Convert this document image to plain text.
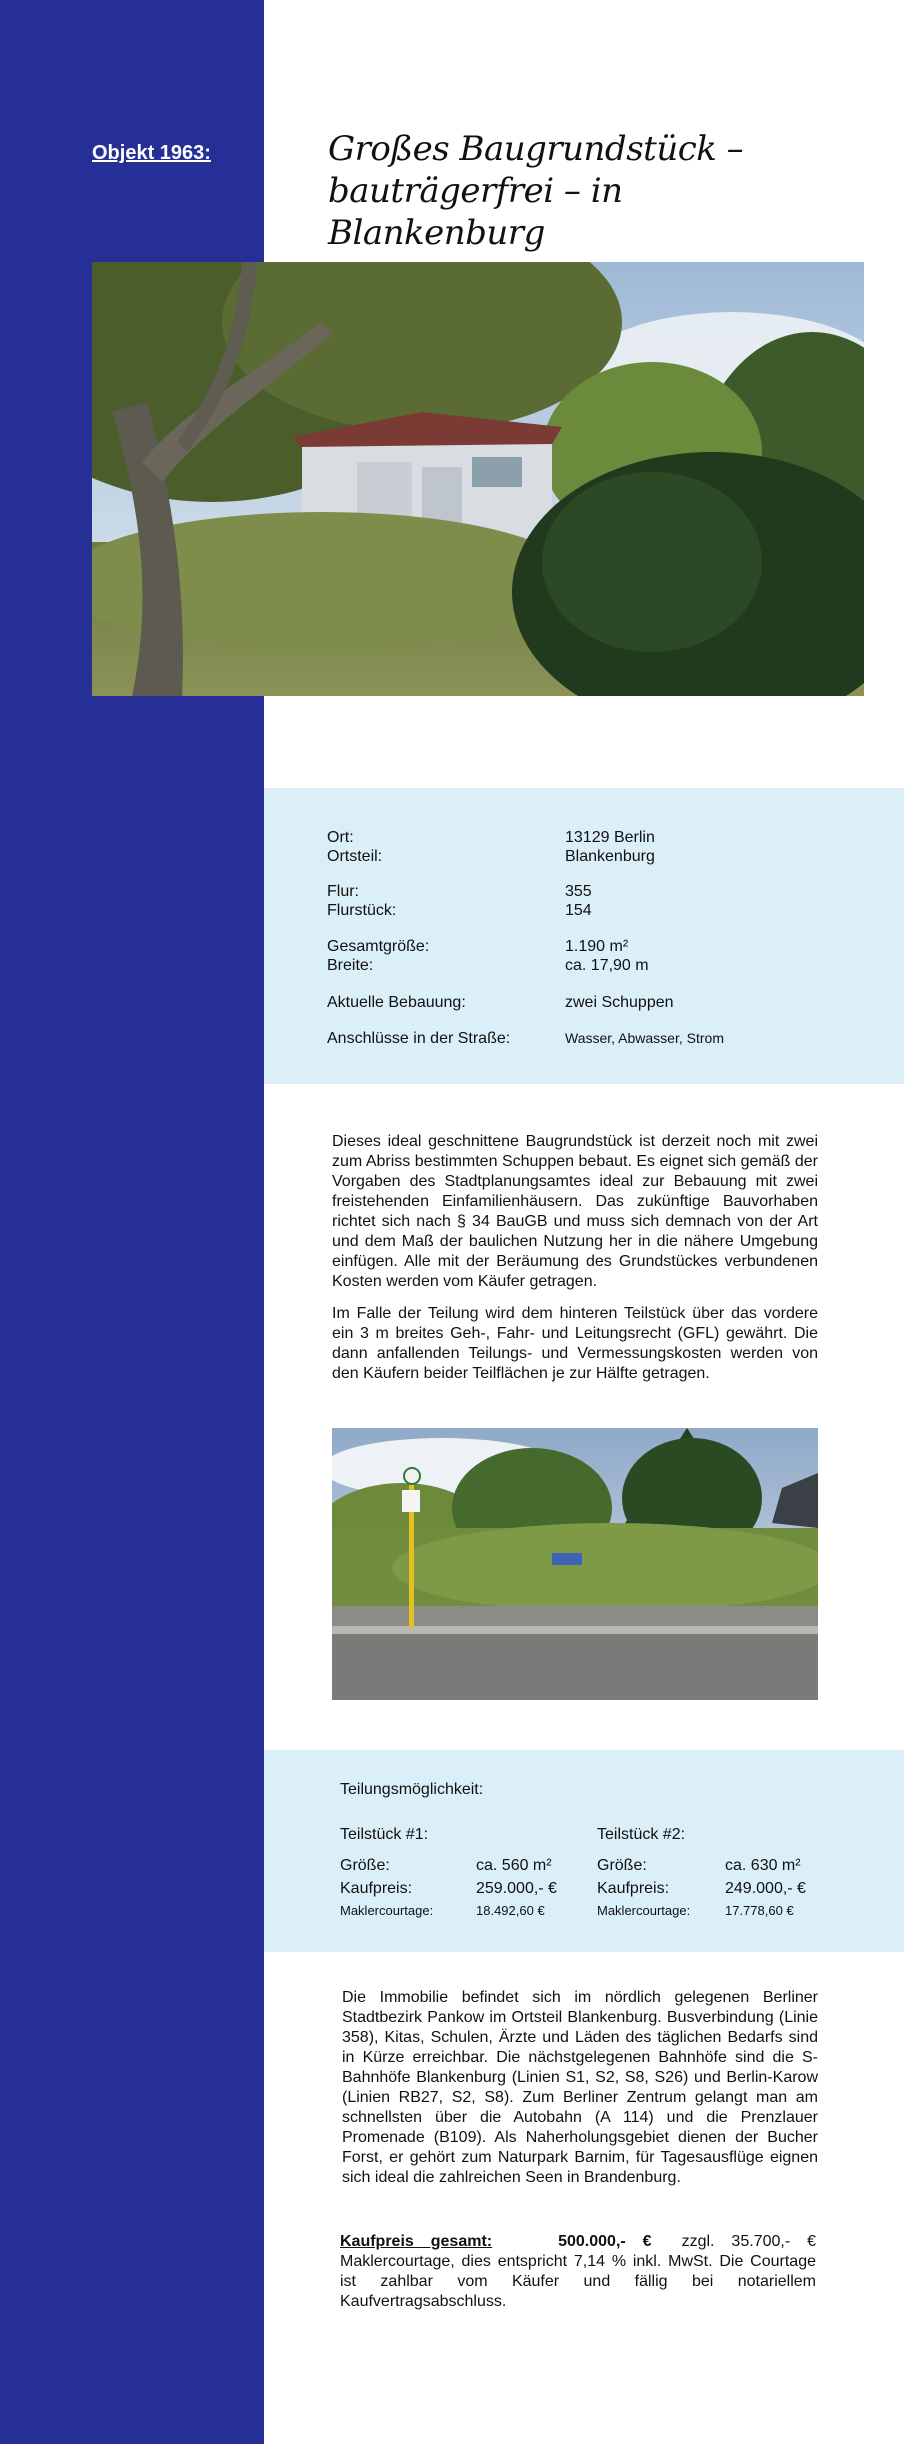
Objekt 1963:	Großes Baugrundstück – bauträgerfrei – in Blankenburg
Ort:	13129 Berlin
Ortsteil:	Blankenburg
Flur:	355
Flurstück:	154
Gesamtgröße:	1.190 m²
Breite:	ca. 17,90 m
Aktuelle Bebauung:	zwei Schuppen
Anschlüsse in der Straße:	Wasser, Abwasser, Strom

Dieses ideal geschnittene Baugrundstück ist derzeit noch mit zwei zum Abriss bestimmten Schuppen bebaut. Es eignet sich gemäß der Vorgaben des Stadtplanungsamtes ideal zur Bebauung mit zwei freistehenden Einfamilienhäusern. Das zukünftige Bauvorhaben richtet sich nach § 34 BauGB und muss sich demnach von der Art und dem Maß der baulichen Nutzung her in die nähere Umgebung einfügen. Alle mit der Beräumung des Grundstückes verbundenen Kosten werden vom Käufer getragen.

Im Falle der Teilung wird dem hinteren Teilstück über das vordere ein 3 m breites Geh-, Fahr- und Leitungsrecht (GFL) gewährt. Die dann anfallenden Teilungs- und Vermessungskosten werden von den Käufern beider Teilflächen je zur Hälfte getragen.

Teilungsmöglichkeit:
Teilstück #1:	Teilstück #2:
Größe:	ca. 560 m²	Größe:	ca. 630 m²
Kaufpreis:	259.000,- €	Kaufpreis:	249.000,- €
Maklercourtage:	18.492,60 €	Maklercourtage:	17.778,60 €

Die Immobilie befindet sich im nördlich gelegenen Berliner Stadtbezirk Pankow im Ortsteil Blankenburg. Busverbindung (Linie 358), Kitas, Schulen, Ärzte und Läden des täglichen Bedarfs sind in Kürze erreichbar. Die nächstgelegenen Bahnhöfe sind die S-Bahnhöfe Blankenburg (Linien S1, S2, S8, S26) und Berlin-Karow (Linien RB27, S2, S8). Zum Berliner Zentrum gelangt man am schnellsten über die Autobahn (A 114) und die Prenzlauer Promenade (B109). Als Naherholungsgebiet dienen der Bucher Forst, er gehört zum Naturpark Barnim, für Tagesausflüge eignen sich ideal die zahlreichen Seen in Brandenburg.

Kaufpreis gesamt:	500.000,- € zzgl. 35.700,- € Maklercourtage, dies entspricht 7,14 % inkl. MwSt. Die Courtage ist zahlbar vom Käufer und fällig bei notariellem Kaufvertragsabschluss.
